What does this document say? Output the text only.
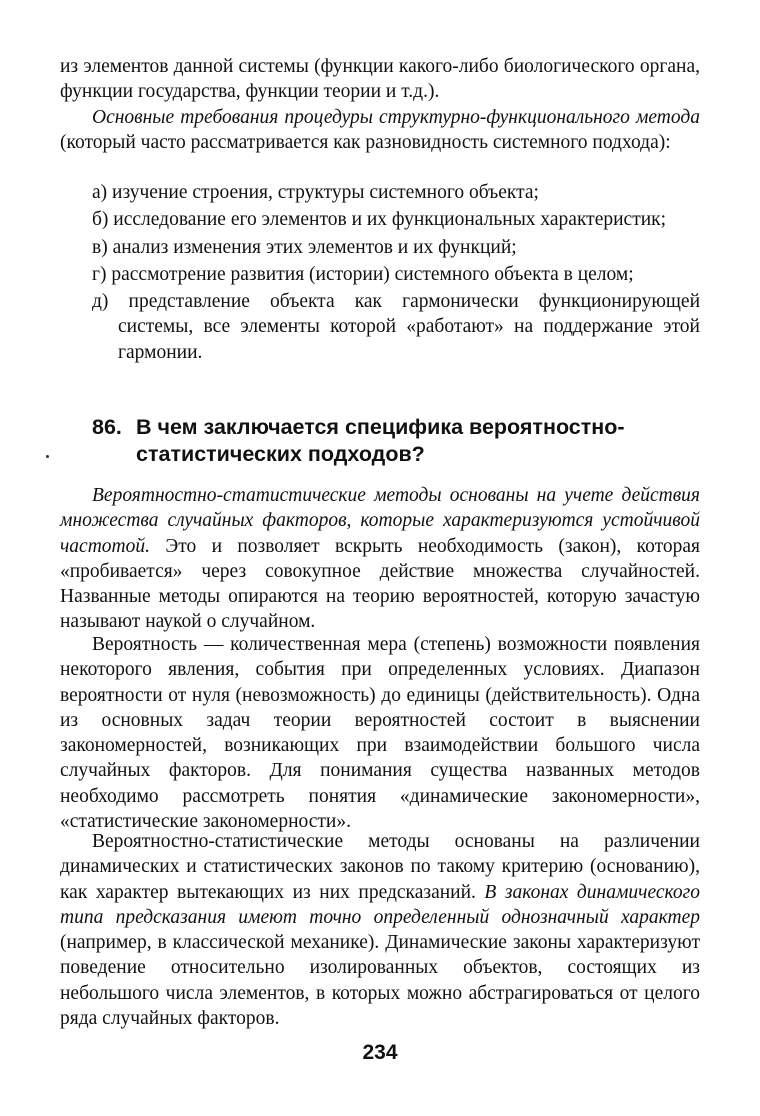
из элементов данной системы (функции какого-либо биологического органа, функции государства, функции теории и т.д.).

Основные требования процедуры структурно-функционального метода (который часто рассматривается как разновидность системного подхода):

а) изучение строения, структуры системного объекта;
б) исследование его элементов и их функциональных характеристик;
в) анализ изменения этих элементов и их функций;
г) рассмотрение развития (истории) системного объекта в целом;
д) представление объекта как гармонически функционирующей системы, все элементы которой «работают» на поддержание этой гармонии.
86. В чем заключается специфика вероятностно-
статистических подходов?

Вероятностно-статистические методы основаны на учете действия множества случайных факторов, которые характеризуются устойчивой частотой. Это и позволяет вскрыть необходимость (закон), которая «пробивается» через совокупное действие множества случайностей. Названные методы опираются на теорию вероятностей, которую зачастую называют наукой о случайном.

Вероятность — количественная мера (степень) возможности появления некоторого явления, события при определенных условиях. Диапазон вероятности от нуля (невозможность) до единицы (действительность). Одна из основных задач теории вероятностей состоит в выяснении закономерностей, возникающих при взаимодействии большого числа случайных факторов. Для понимания существа названных методов необходимо рассмотреть понятия «динамические закономерности», «статистические закономерности».

Вероятностно-статистические методы основаны на различении динамических и статистических законов по такому критерию (основанию), как характер вытекающих из них предсказаний. В законах динамического типа предсказания имеют точно определенный однозначный характер (например, в классической механике). Динамические законы характеризуют поведение относительно изолированных объектов, состоящих из небольшого числа элементов, в которых можно абстрагироваться от целого ряда случайных факторов.

234
